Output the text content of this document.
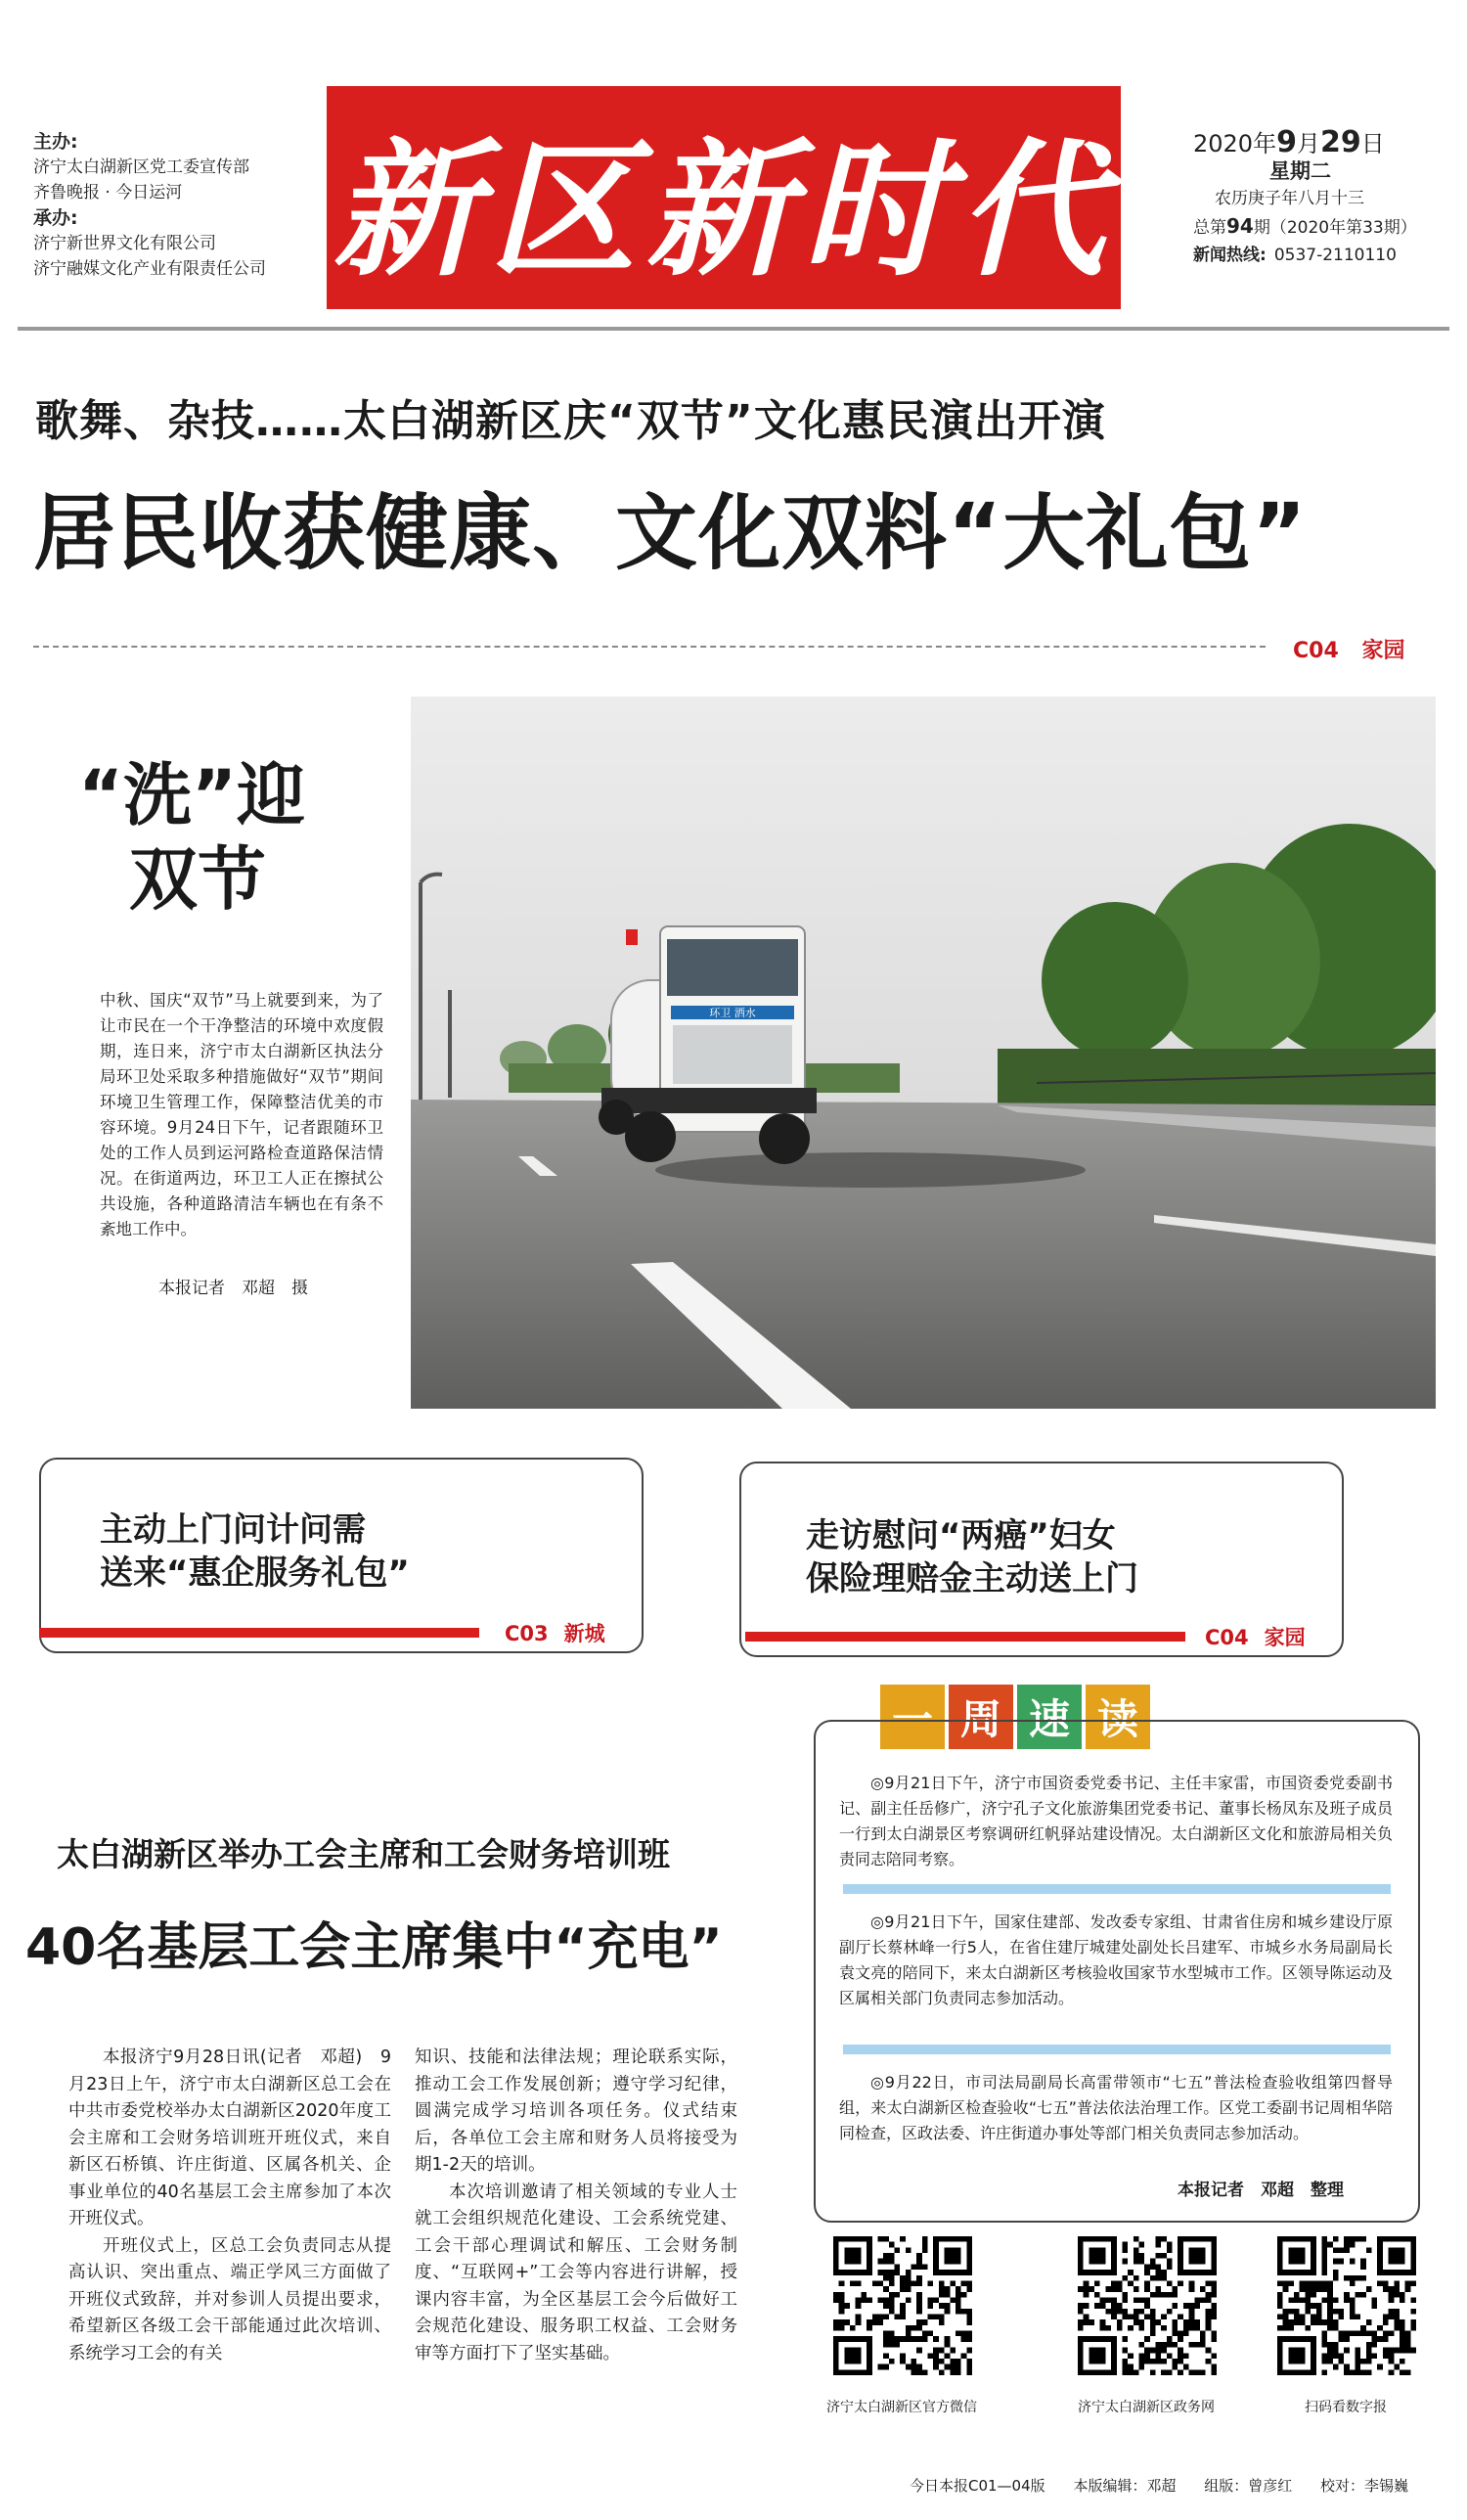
主办:
济宁太白湖新区党工委宣传部
齐鲁晚报 · 今日运河
承办:
济宁新世界文化有限公司
济宁融媒文化产业有限责任公司 新区新时代	2020年9月29日
星期二
农历庚子年八月十三
总第94期（2020年第33期）
新闻热线: 0537-2110110
歌舞、杂技……太白湖新区庆“双节”文化惠民演出开演
居民收获健康、文化双料“大礼包”
C04 家园
“洗”迎
双节
中秋、国庆“双节”马上就要到来，为了让市民在一个干净整洁的环境中欢度假期，连日来，济宁市太白湖新区执法分局环卫处采取多种措施做好“双节”期间环境卫生管理工作，保障整洁优美的市容环境。9月24日下午，记者跟随环卫处的工作人员到运河路检查道路保洁情况。在街道两边，环卫工人正在擦拭公共设施，各种道路清洁车辆也在有条不紊地工作中。
本报记者　邓超　摄
环卫 洒水
主动上门问计问需
送来“惠企服务礼包”
C03 新城
走访慰问“两癌”妇女
保险理赔金主动送上门
C04 家园
一 周 速 读
◎9月21日下午，济宁市国资委党委书记、主任丰家雷，市国资委党委副书记、副主任岳修广，济宁孔子文化旅游集团党委书记、董事长杨凤东及班子成员一行到太白湖景区考察调研红帆驿站建设情况。太白湖新区文化和旅游局相关负责同志陪同考察。
◎9月21日下午，国家住建部、发改委专家组、甘肃省住房和城乡建设厅原副厅长蔡林峰一行5人，在省住建厅城建处副处长吕建军、市城乡水务局副局长袁文亮的陪同下，来太白湖新区考核验收国家节水型城市工作。区领导陈运动及区属相关部门负责同志参加活动。
◎9月22日，市司法局副局长高雷带领市“七五”普法检查验收组第四督导组，来太白湖新区检查验收“七五”普法依法治理工作。区党工委副书记周相华陪同检查，区政法委、许庄街道办事处等部门相关负责同志参加活动。
本报记者　邓超　整理
太白湖新区举办工会主席和工会财务培训班
40名基层工会主席集中“充电”
本报济宁9月28日讯(记者　邓超)　9月23日上午，济宁市太白湖新区总工会在中共市委党校举办太白湖新区2020年度工会主席和工会财务培训班开班仪式，来自新区石桥镇、许庄街道、区属各机关、企事业单位的40名基层工会主席参加了本次开班仪式。
开班仪式上，区总工会负责同志从提高认识、突出重点、端正学风三方面做了开班仪式致辞，并对参训人员提出要求，希望新区各级工会干部能通过此次培训、系统学习工会的有关
知识、技能和法律法规；理论联系实际，推动工会工作发展创新；遵守学习纪律，圆满完成学习培训各项任务。仪式结束后，各单位工会主席和财务人员将接受为期1-2天的培训。
本次培训邀请了相关领域的专业人士就工会组织规范化建设、工会系统党建、工会干部心理调试和解压、工会财务制度、“互联网+”工会等内容进行讲解，授课内容丰富，为全区基层工会今后做好工会规范化建设、服务职工权益、工会财务审等方面打下了坚实基础。
济宁太白湖新区官方微信	济宁太白湖新区政务网	扫码看数字报
今日本报C01—04版 本版编辑：邓超 组版：曾彦红 校对：李锡巍
